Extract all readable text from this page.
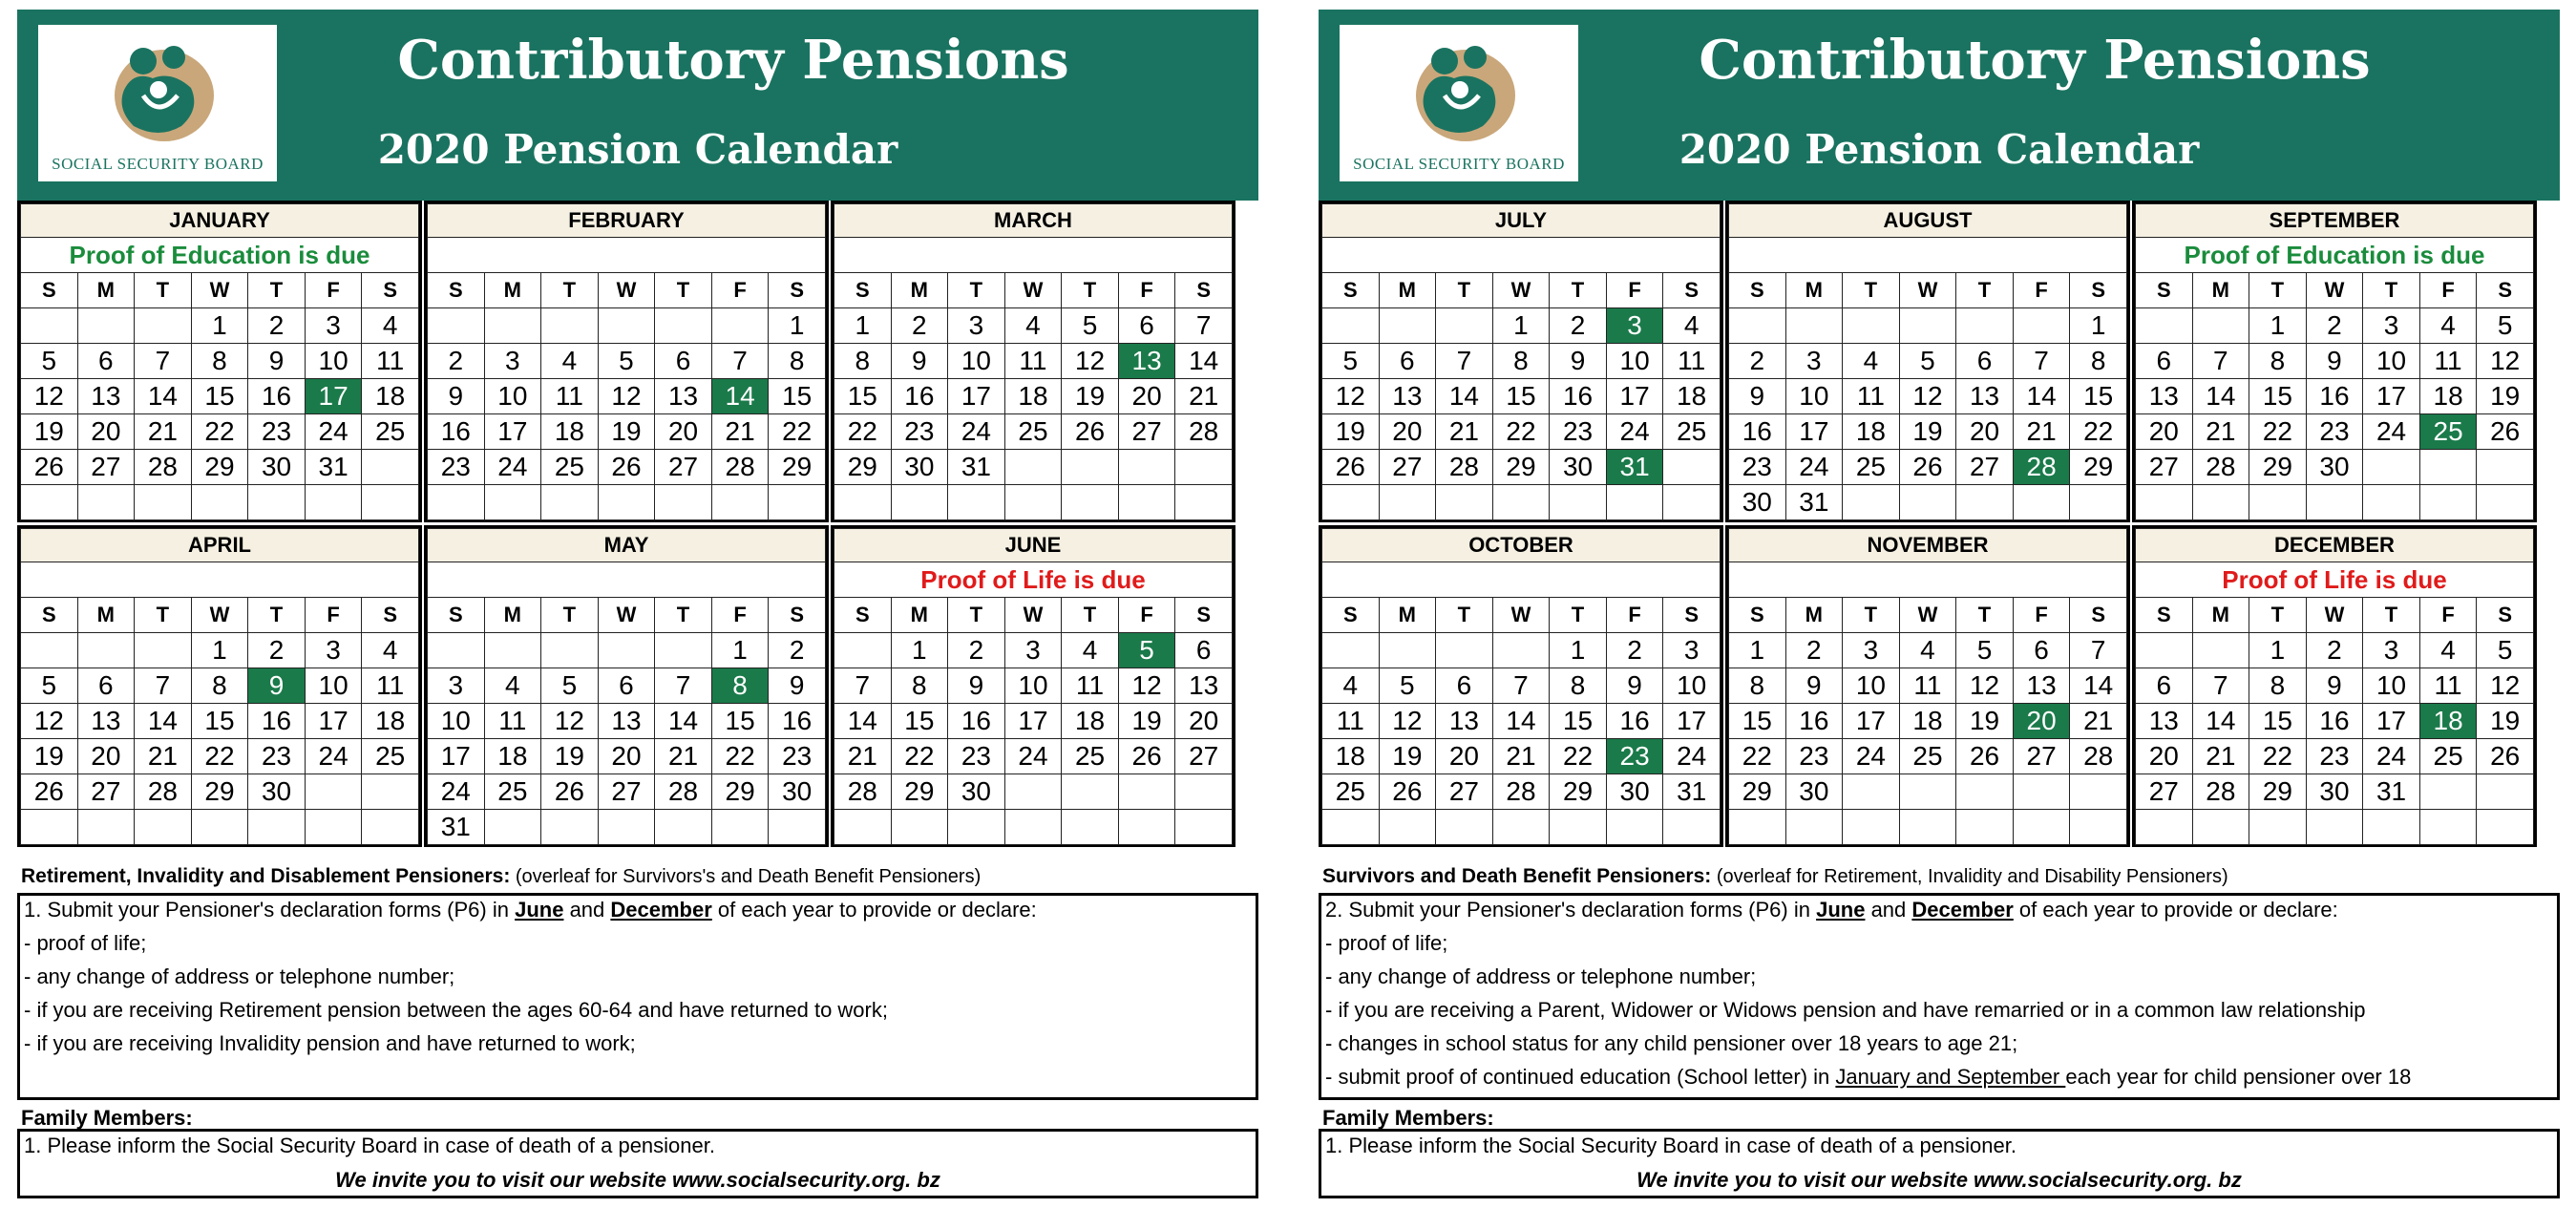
SOCIAL SECURITY BOARD
Contributory Pensions
2020 Pension Calendar
JANUARY						
Proof of Education is due						
S	M	T	W	T	F	S
			1	2	3	4
5	6	7	8	9	10	11
12	13	14	15	16	17	18
19	20	21	22	23	24	25
26	27	28	29	30	31	

FEBRUARY						

S	M	T	W	T	F	S
						1
2	3	4	5	6	7	8
9	10	11	12	13	14	15
16	17	18	19	20	21	22
23	24	25	26	27	28	29

MARCH						

S	M	T	W	T	F	S
1	2	3	4	5	6	7
8	9	10	11	12	13	14
15	16	17	18	19	20	21
22	23	24	25	26	27	28
29	30	31				

APRIL						

S	M	T	W	T	F	S
			1	2	3	4
5	6	7	8	9	10	11
12	13	14	15	16	17	18
19	20	21	22	23	24	25
26	27	28	29	30		

MAY						

S	M	T	W	T	F	S
					1	2
3	4	5	6	7	8	9
10	11	12	13	14	15	16
17	18	19	20	21	22	23
24	25	26	27	28	29	30
31						
JUNE						
Proof of Life is due						
S	M	T	W	T	F	S
	1	2	3	4	5	6
7	8	9	10	11	12	13
14	15	16	17	18	19	20
21	22	23	24	25	26	27
28	29	30				

Retirement, Invalidity and Disablement Pensioners: (overleaf for Survivors's and Death Benefit Pensioners)
1. Submit your Pensioner's declaration forms (P6) in June and December of each year to provide or declare:
- proof of life;
- any change of address or telephone number;
- if you are receiving Retirement pension between the ages 60-64 and have returned to work;
- if you are receiving Invalidity pension and have returned to work;
Family Members:
1. Please inform the Social Security Board in case of death of a pensioner.
We invite you to visit our website www.socialsecurity.org. bz
SOCIAL SECURITY BOARD
Contributory Pensions
2020 Pension Calendar
JULY						

S	M	T	W	T	F	S
			1	2	3	4
5	6	7	8	9	10	11
12	13	14	15	16	17	18
19	20	21	22	23	24	25
26	27	28	29	30	31	

AUGUST						

S	M	T	W	T	F	S
						1
2	3	4	5	6	7	8
9	10	11	12	13	14	15
16	17	18	19	20	21	22
23	24	25	26	27	28	29
30	31					
SEPTEMBER						
Proof of Education is due						
S	M	T	W	T	F	S
		1	2	3	4	5
6	7	8	9	10	11	12
13	14	15	16	17	18	19
20	21	22	23	24	25	26
27	28	29	30			

OCTOBER						

S	M	T	W	T	F	S
				1	2	3
4	5	6	7	8	9	10
11	12	13	14	15	16	17
18	19	20	21	22	23	24
25	26	27	28	29	30	31

NOVEMBER						

S	M	T	W	T	F	S
1	2	3	4	5	6	7
8	9	10	11	12	13	14
15	16	17	18	19	20	21
22	23	24	25	26	27	28
29	30					

DECEMBER						
Proof of Life is due						
S	M	T	W	T	F	S
		1	2	3	4	5
6	7	8	9	10	11	12
13	14	15	16	17	18	19
20	21	22	23	24	25	26
27	28	29	30	31		

Survivors and Death Benefit Pensioners: (overleaf for Retirement, Invalidity and Disability Pensioners)
2. Submit your Pensioner's declaration forms (P6) in June and December of each year to provide or declare:
- proof of life;
- any change of address or telephone number;
- if you are receiving a Parent, Widower or Widows pension and have remarried or in a common law relationship
- changes in school status for any child pensioner over 18 years to age 21;
- submit proof of continued education (School letter) in January and September each year for child pensioner over 18
Family Members:
1. Please inform the Social Security Board in case of death of a pensioner.
We invite you to visit our website www.socialsecurity.org. bz
